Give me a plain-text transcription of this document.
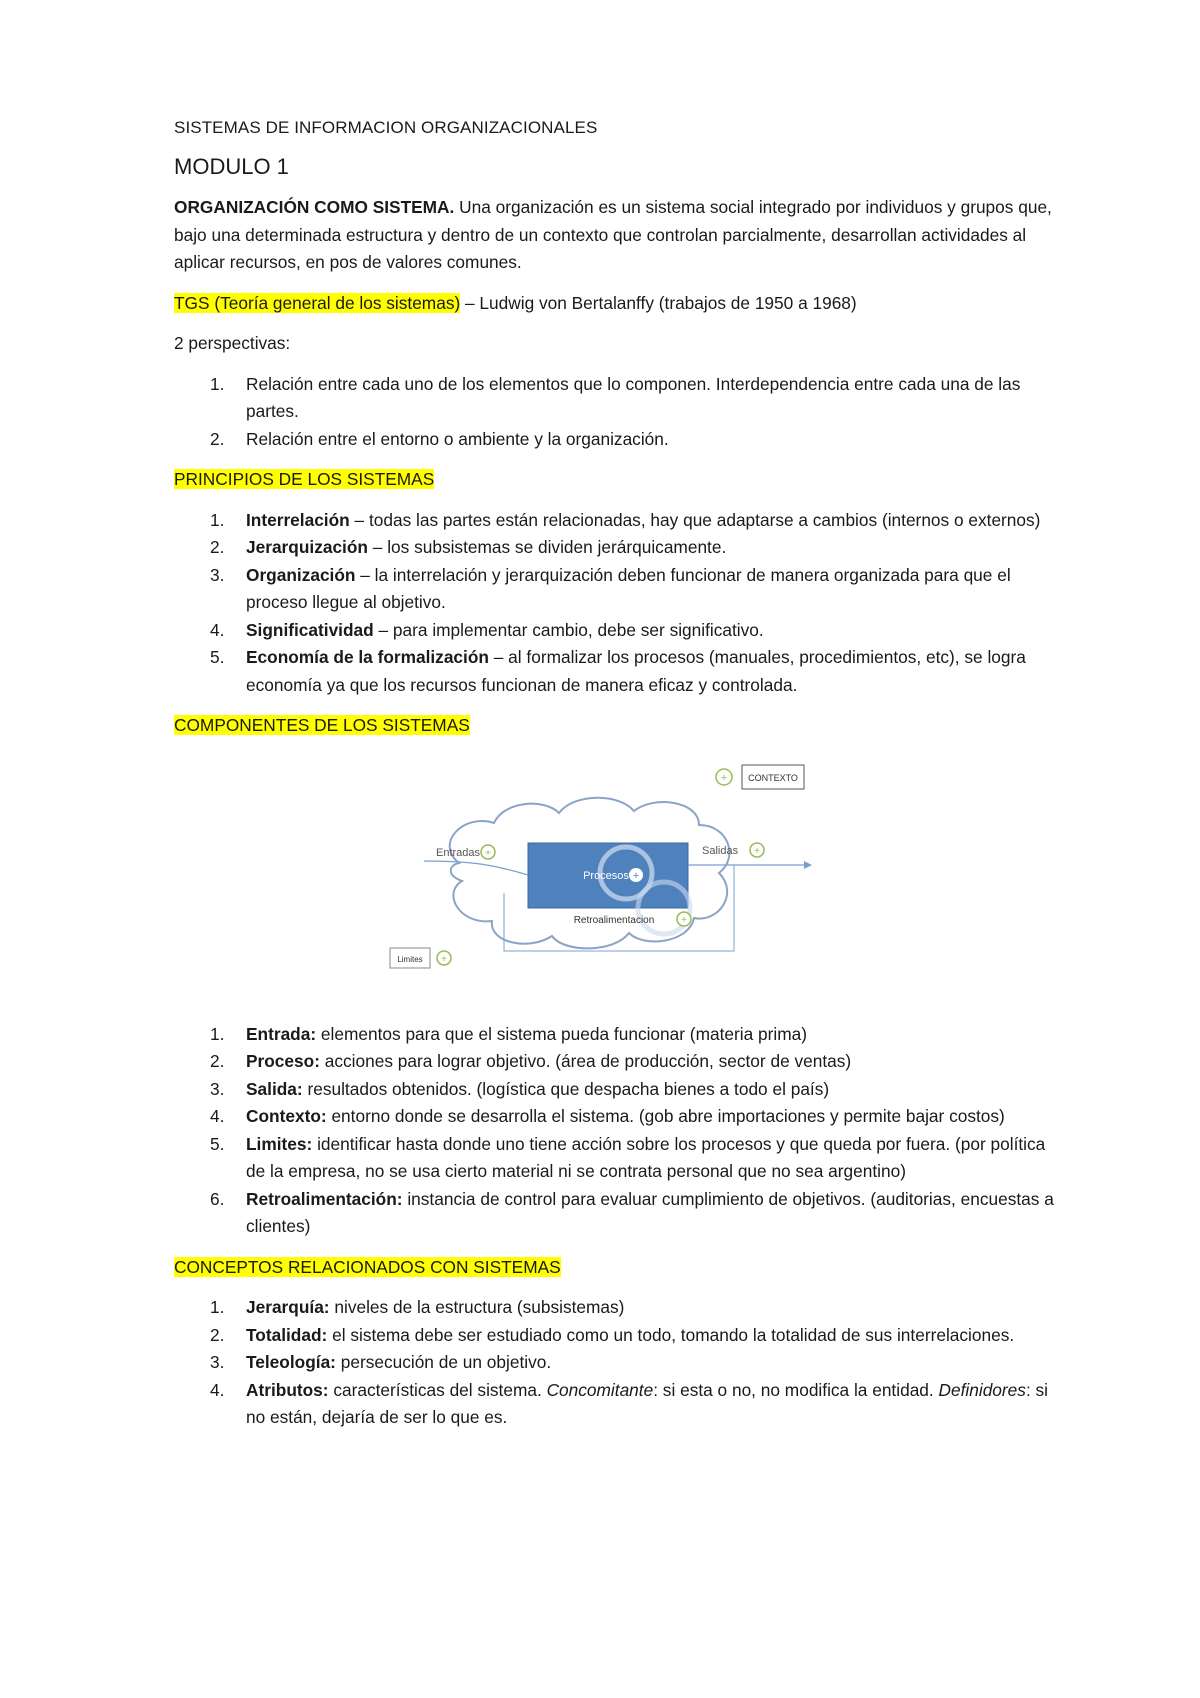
SISTEMAS DE INFORMACION ORGANIZACIONALES
MODULO 1

ORGANIZACIÓN COMO SISTEMA. Una organización es un sistema social integrado por individuos y grupos que, bajo una determinada estructura y dentro de un contexto que controlan parcialmente, desarrollan actividades al aplicar recursos, en pos de valores comunes.

TGS (Teoría general de los sistemas) – Ludwig von Bertalanffy (trabajos de 1950 a 1968)

2 perspectivas:

1. Relación entre cada uno de los elementos que lo componen. Interdependencia entre cada una de las partes.
2. Relación entre el entorno o ambiente y la organización.

PRINCIPIOS DE LOS SISTEMAS

1. Interrelación – todas las partes están relacionadas, hay que adaptarse a cambios (internos o externos)
2. Jerarquización – los subsistemas se dividen jerárquicamente.
3. Organización – la interrelación y jerarquización deben funcionar de manera organizada para que el proceso llegue al objetivo.
4. Significatividad – para implementar cambio, debe ser significativo.
5. Economía de la formalización – al formalizar los procesos (manuales, procedimientos, etc), se logra economía ya que los recursos funcionan de manera eficaz y controlada.

COMPONENTES DE LOS SISTEMAS

+ CONTEXTO
Procesos +
Entradas +	Salidas +
Retroalimentacion	+
Limites +
1. Entrada: elementos para que el sistema pueda funcionar (materia prima)
2. Proceso: acciones para lograr objetivo. (área de producción, sector de ventas)
3. Salida: resultados obtenidos. (logística que despacha bienes a todo el país)
4. Contexto: entorno donde se desarrolla el sistema. (gob abre importaciones y permite bajar costos)
5. Limites: identificar hasta donde uno tiene acción sobre los procesos y que queda por fuera. (por política de la empresa, no se usa cierto material ni se contrata personal que no sea argentino)
6. Retroalimentación: instancia de control para evaluar cumplimiento de objetivos. (auditorias, encuestas a clientes)

CONCEPTOS RELACIONADOS CON SISTEMAS

1. Jerarquía: niveles de la estructura (subsistemas)
2. Totalidad: el sistema debe ser estudiado como un todo, tomando la totalidad de sus interrelaciones.
3. Teleología: persecución de un objetivo.
4. Atributos: características del sistema. Concomitante: si esta o no, no modifica la entidad. Definidores: si no están, dejaría de ser lo que es.
